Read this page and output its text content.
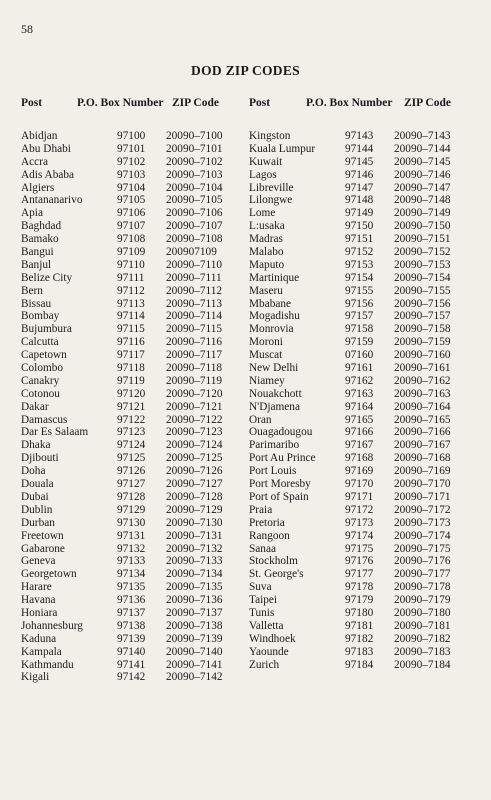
58
DOD ZIP CODES
Post	P.O. Box Number ZIP Code	Post	P.O. Box Number ZIP Code
Abidjan	97100 20090–7100
Abu Dhabi	97101 20090–7101
Accra	97102 20090–7102
Adis Ababa	97103 20090–7103
Algiers	97104 20090–7104
Antananarivo	97105 20090–7105
Apia	97106 20090–7106
Baghdad	97107 20090–7107
Bamako	97108 20090–7108
Bangui	97109 200907109
Banjul	97110 20090–7110
Belize City	97111 20090–7111
Bern	97112 20090–7112
Bissau	97113 20090–7113
Bombay	97114 20090–7114
Bujumbura	97115 20090–7115
Calcutta	97116 20090–7116
Capetown	97117 20090–7117
Colombo	97118 20090–7118
Canakry	97119 20090–7119
Cotonou	97120 20090–7120
Dakar	97121 20090–7121
Damascus	97122 20090–7122
Dar Es Salaam	97123 20090–7123
Dhaka	97124 20090–7124
Djibouti	97125 20090–7125
Doha	97126 20090–7126
Douala	97127 20090–7127
Dubai	97128 20090–7128
Dublin	97129 20090–7129
Durban	97130 20090–7130
Freetown	97131 20090–7131
Gabarone	97132 20090–7132
Geneva	97133 20090–7133
Georgetown	97134 20090–7134
Harare	97135 20090–7135
Havana	97136 20090–7136
Honiara	97137 20090–7137
Johannesburg	97138 20090–7138
Kaduna	97139 20090–7139
Kampala	97140 20090–7140
Kathmandu	97141 20090–7141
Kigali	97142 20090–7142
Kingston	97143 20090–7143
Kuala Lumpur	97144 20090–7144
Kuwait	97145 20090–7145
Lagos	97146 20090–7146
Libreville	97147 20090–7147
Lilongwe	97148 20090–7148
Lome	97149 20090–7149
L:usaka	97150 20090–7150
Madras	97151 20090–7151
Malabo	97152 20090–7152
Maputo	97153 20090–7153
Martinique	97154 20090–7154
Maseru	97155 20090–7155
Mbabane	97156 20090–7156
Mogadishu	97157 20090–7157
Monrovia	97158 20090–7158
Moroni	97159 20090–7159
Muscat	07160 20090–7160
New Delhi	97161 20090–7161
Niamey	97162 20090–7162
Nouakchott	97163 20090–7163
N'Djamena	97164 20090–7164
Oran	97165 20090–7165
Ouagadougou	97166 20090–7166
Parimaribo	97167 20090–7167
Port Au Prince	97168 20090–7168
Port Louis	97169 20090–7169
Port Moresby	97170 20090–7170
Port of Spain	97171 20090–7171
Praia	97172 20090–7172
Pretoria	97173 20090–7173
Rangoon	97174 20090–7174
Sanaa	97175 20090–7175
Stockholm	97176 20090–7176
St. George's	97177 20090–7177
Suva	97178 20090–7178
Taipei	97179 20090–7179
Tunis	97180 20090–7180
Valletta	97181 20090–7181
Windhoek	97182 20090–7182
Yaounde	97183 20090–7183
Zurich	97184 20090–7184
